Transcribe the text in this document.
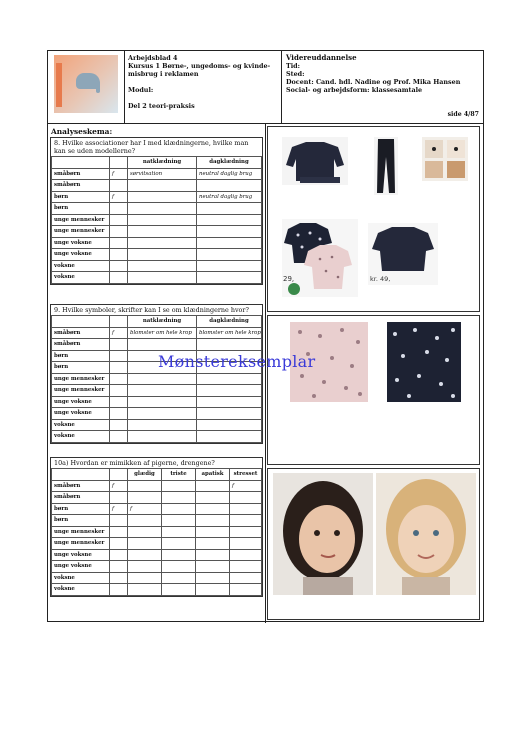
Arbejdsblad 4
Kursus 1 Børne-, ungedoms- og kvinde-
misbrug i reklamen
Modul:
Del 2 teori-praksis
Videreuddannelse
Tid:
Sted:
Docent: Cand. hdl. Nadine og Prof. Mika Hansen
Social- og arbejdsform: klassesamtale
side 4/87
Analyseskema:
8. Hvilke associationer har I med klædningerne, hvilke man kan se uden modellerne?
		natklædning	dagklædning
småbørn	f	sørvitsation	neutral daglig brug
småbørn			
børn	f		neutral daglig brug
børn			
unge mennesker			
unge mennesker			
unge voksne			
unge voksne			
voksne			
voksne			
9. Hvilke symboler, skrifter kan I se om klædningerne hvor?
		natklædning	dagklædning
småbørn	f	blomster om hele krop	blomster om hele krop
småbørn			
børn			
børn			
unge mennesker			
unge mennesker			
unge voksne			
unge voksne			
voksne			
voksne			
10a) Hvordan er mimikken af pigerne, drengene?
		glædig	triste	apatisk	stresset
småbørn	f				f
småbørn					
børn	f	f			
børn					
unge mennesker					
unge mennesker					
unge voksne					
unge voksne					
voksne					
voksne					
29,	kr. 49,
Mønstereksemplar
